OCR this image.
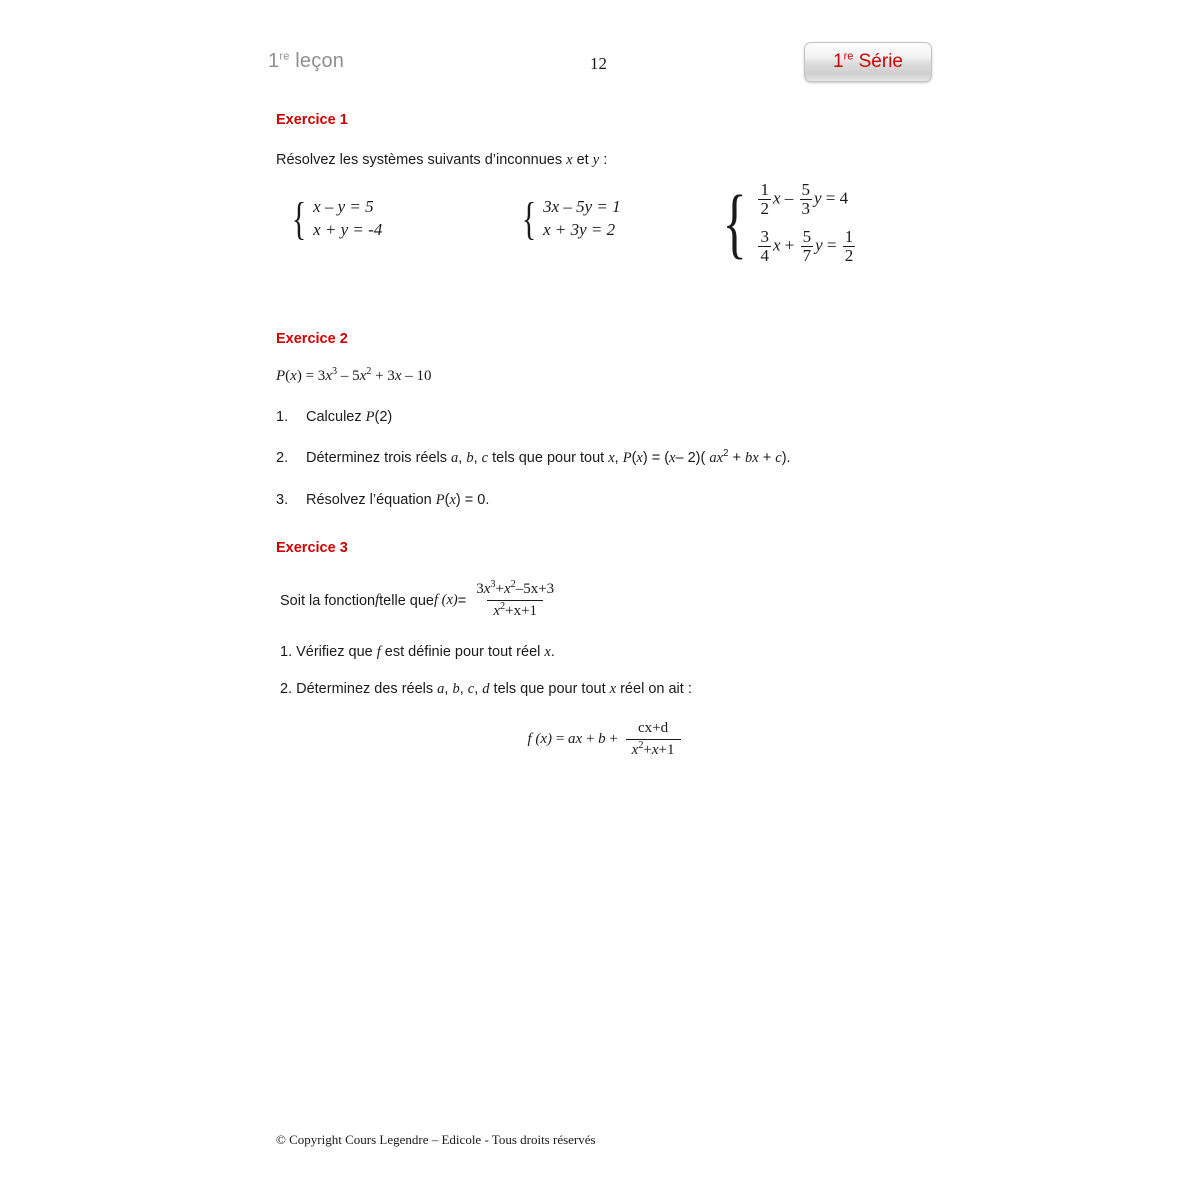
1re leçon	12	1re Série

Exercice 1

Résolvez les systèmes suivants d’inconnues x et y :

{ x – y = 5
x + y = -4	{ 3x – 5y = 1
x + 3y = 2 { $\frac{1}{2}$ x – $\frac{5}{3}$ y = 4
$\frac{3}{4}$ $x + \frac{5}{7}$ $y = \frac{1}{2}$

Exercice 2

$P(x) = 3x^3 - 5x^2 + 3x - 10$

1. Calculez P(2)
2. Déterminez trois réels a, b, c tels que pour tout x, P(x) = (x– 2)( $ax^2$ + bx + c).
3. Résolvez l’équation P(x) = 0.

Exercice 3

Soit la fonction f telle que f $(x) = \frac{3x^3+x^2-5x+3}{x^2+x+1}$

1. Vérifiez que f est définie pour tout réel x.

2. Déterminez des réels a, b, c, d tels que pour tout x réel on ait :

f (x) = ax + $b + \frac{cx+d}{x^2+x+1}$
© Copyright Cours Legendre – Edicole - Tous droits réservés
